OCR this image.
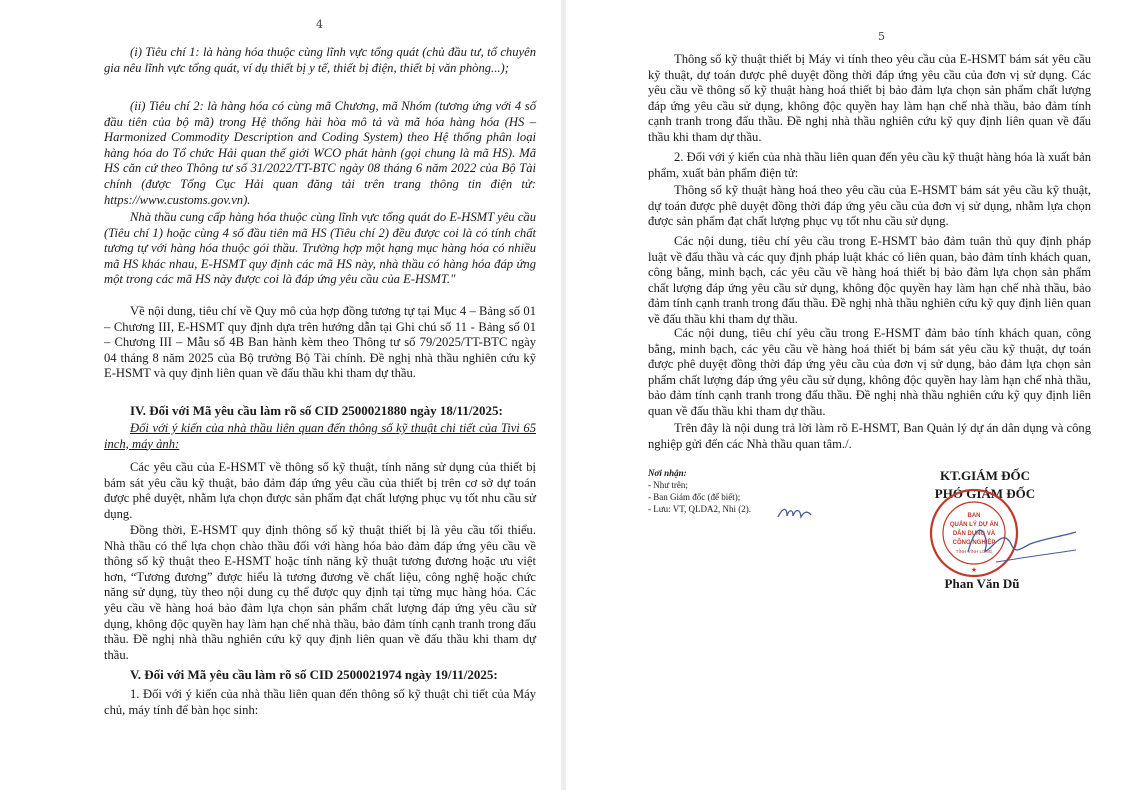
4

(i) Tiêu chí 1: là hàng hóa thuộc cùng lĩnh vực tổng quát (chủ đầu tư, tổ chuyên gia nêu lĩnh vực tổng quát, ví dụ thiết bị y tế, thiết bị điện, thiết bị văn phòng...);

(ii) Tiêu chí 2: là hàng hóa có cùng mã Chương, mã Nhóm (tương ứng với 4 số đầu tiên của bộ mã) trong Hệ thống hài hòa mô tả và mã hóa hàng hóa (HS – Harmonized Commodity Description and Coding System) theo Hệ thống phân loại hàng hóa do Tổ chức Hải quan thế giới WCO phát hành (gọi chung là mã HS). Mã HS căn cứ theo Thông tư số 31/2022/TT-BTC ngày 08 tháng 6 năm 2022 của Bộ Tài chính (được Tổng Cục Hải quan đăng tải trên trang thông tin điện tử: https://www.customs.gov.vn).

Nhà thầu cung cấp hàng hóa thuộc cùng lĩnh vực tổng quát do E-HSMT yêu cầu (Tiêu chí 1) hoặc cùng 4 số đầu tiên mã HS (Tiêu chí 2) đều được coi là có tính chất tương tự với hàng hóa thuộc gói thầu. Trường hợp một hạng mục hàng hóa có nhiều mã HS khác nhau, E-HSMT quy định các mã HS này, nhà thầu có hàng hóa đáp ứng một trong các mã HS này được coi là đáp ứng yêu cầu của E-HSMT."

Về nội dung, tiêu chí về Quy mô của hợp đồng tương tự tại Mục 4 – Bảng số 01 – Chương III, E-HSMT quy định dựa trên hướng dẫn tại Ghi chú số 11 - Bảng số 01 – Chương III – Mẫu số 4B Ban hành kèm theo Thông tư số 79/2025/TT-BTC ngày 04 tháng 8 năm 2025 của Bộ trưởng Bộ Tài chính. Đề nghị nhà thầu nghiên cứu kỹ E-HSMT và quy định liên quan về đấu thầu khi tham dự thầu.

IV. Đối với Mã yêu cầu làm rõ số CID 2500021880 ngày 18/11/2025:

Đối với ý kiến của nhà thầu liên quan đến thông số kỹ thuật chi tiết của Tivi 65 inch, máy ảnh:

Các yêu cầu của E-HSMT về thông số kỹ thuật, tính năng sử dụng của thiết bị bám sát yêu cầu kỹ thuật, bảo đảm đáp ứng yêu cầu của thiết bị trên cơ sở dự toán được phê duyệt, nhằm lựa chọn được sản phẩm đạt chất lượng phục vụ tốt nhu cầu sử dụng.

Đồng thời, E-HSMT quy định thông số kỹ thuật thiết bị là yêu cầu tối thiểu. Nhà thầu có thể lựa chọn chào thầu đối với hàng hóa bảo đảm đáp ứng yêu cầu về thông số kỹ thuật theo E-HSMT hoặc tính năng kỹ thuật tương đương hoặc ưu việt hơn, “Tương đương” được hiểu là tương đương về chất liệu, công nghệ hoặc chức năng sử dụng, tùy theo nội dung cụ thể được quy định tại từng mục hàng hóa. Các yêu cầu về hàng hoá bảo đảm lựa chọn sản phẩm chất lượng đáp ứng yêu cầu sử dụng, không độc quyền hay làm hạn chế nhà thầu, bảo đảm tính cạnh tranh trong đấu thầu. Đề nghị nhà thầu nghiên cứu kỹ quy định liên quan về đấu thầu khi tham dự thầu.

V. Đối với Mã yêu cầu làm rõ số CID 2500021974 ngày 19/11/2025:

1. Đối với ý kiến của nhà thầu liên quan đến thông số kỹ thuật chi tiết của Máy chủ, máy tính để bàn học sinh:

5

Thông số kỹ thuật thiết bị Máy vi tính theo yêu cầu của E-HSMT bám sát yêu cầu kỹ thuật, dự toán được phê duyệt đồng thời đáp ứng yêu cầu của đơn vị sử dụng. Các yêu cầu về thông số kỹ thuật hàng hoá thiết bị bảo đảm lựa chọn sản phẩm chất lượng đáp ứng yêu cầu sử dụng, không độc quyền hay làm hạn chế nhà thầu, bảo đảm tính cạnh tranh trong đấu thầu. Đề nghị nhà thầu nghiên cứu kỹ quy định liên quan về đấu thầu khi tham dự thầu.

2. Đối với ý kiến của nhà thầu liên quan đến yêu cầu kỹ thuật hàng hóa là xuất bản phẩm, xuất bản phẩm điện tử:

Thông số kỹ thuật hàng hoá theo yêu cầu của E-HSMT bám sát yêu cầu kỹ thuật, dự toán được phê duyệt đồng thời đáp ứng yêu cầu của đơn vị sử dụng, nhằm lựa chọn được sản phẩm đạt chất lượng phục vụ tốt nhu cầu sử dụng.

Các nội dung, tiêu chí yêu cầu trong E-HSMT bảo đảm tuân thủ quy định pháp luật về đấu thầu và các quy định pháp luật khác có liên quan, bảo đảm tính khách quan, công bằng, minh bạch, các yêu cầu về hàng hoá thiết bị bảo đảm lựa chọn sản phẩm chất lượng đáp ứng yêu cầu sử dụng, không độc quyền hay làm hạn chế nhà thầu, bảo đảm tính cạnh tranh trong đấu thầu. Đề nghị nhà thầu nghiên cứu kỹ quy định liên quan về đấu thầu khi tham dự thầu.

Các nội dung, tiêu chí yêu cầu trong E-HSMT đảm bảo tính khách quan, công bằng, minh bạch, các yêu cầu về hàng hoá thiết bị bám sát yêu cầu kỹ thuật, dự toán được phê duyệt đồng thời đáp ứng yêu cầu của đơn vị sử dụng, bảo đảm lựa chọn sản phẩm chất lượng đáp ứng yêu cầu sử dụng, không độc quyền hay làm hạn chế nhà thầu, bảo đảm tính cạnh tranh trong đấu thầu. Đề nghị nhà thầu nghiên cứu kỹ quy định liên quan về đấu thầu khi tham dự thầu.

Trên đây là nội dung trả lời làm rõ E-HSMT, Ban Quản lý dự án dân dụng và công nghiệp gửi đến các Nhà thầu quan tâm./.

Nơi nhận:
- Như trên;
- Ban Giám đốc (để biết);
- Lưu: VT, QLDA2, Nhi (2).
KT.GIÁM ĐỐC
PHÓ GIÁM ĐỐC
Phan Văn Dũ
BAN
QUẢN LÝ DỰ ÁN
DÂN DỤNG VÀ
CÔNG NGHIỆP
TỈNH VĨNH LONG
★
